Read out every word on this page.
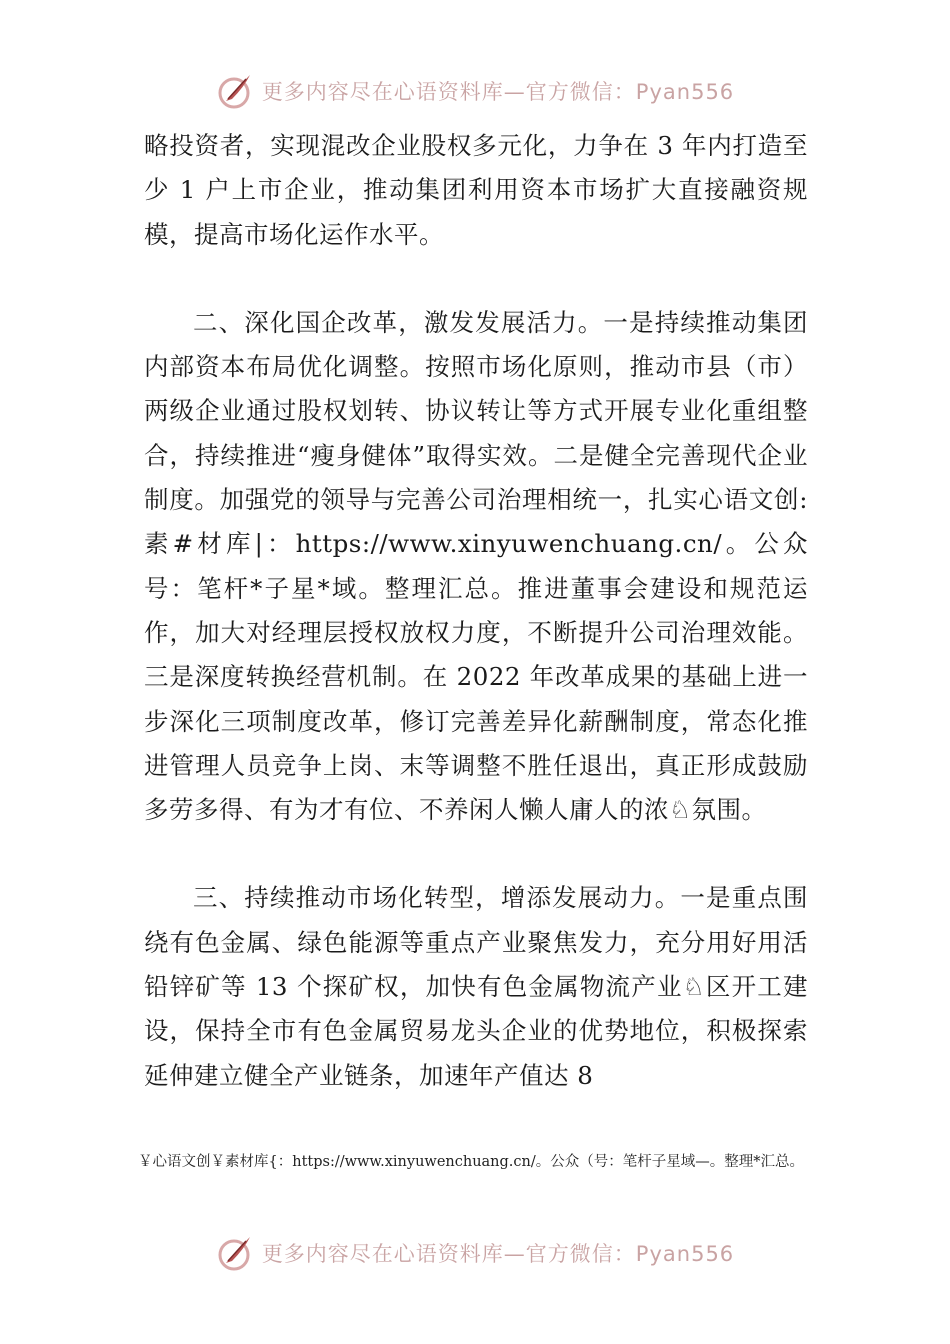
更多内容尽在心语资料库—官方微信：Pyan556

略投资者，实现混改企业股权多元化，力争在 3 年内打造至少 1 户上市企业，推动集团利用资本市场扩大直接融资规模，提高市场化运作水平。

二、深化国企改革，激发发展活力。一是持续推动集团内部资本布局优化调整。按照市场化原则，推动市县（市）两级企业通过股权划转、协议转让等方式开展专业化重组整合，持续推进“瘦身健体”取得实效。二是健全完善现代企业制度。加强党的领导与完善公司治理相统一，扎实心语文创:素#材库|：https://www.xinyuwenchuang.cn/。公众号：笔杆*子星*域。整理汇总。推进董事会建设和规范运作，加大对经理层授权放权力度，不断提升公司治理效能。三是深度转换经营机制。在 2022 年改革成果的基础上进一步深化三项制度改革，修订完善差异化薪酬制度，常态化推进管理人员竞争上岗、末等调整不胜任退出，真正形成鼓励多劳多得、有为才有位、不养闲人懒人庸人的浓♘氛围。

三、持续推动市场化转型，增添发展动力。一是重点围绕有色金属、绿色能源等重点产业聚焦发力，充分用好用活铅锌矿等 13 个探矿权，加快有色金属物流产业♘区开工建设，保持全市有色金属贸易龙头企业的优势地位，积极探索延伸建立健全产业链条，加速年产值达 8

￥心语文创￥素材库{：https://www.xinyuwenchuang.cn/。公众（号：笔杆子星域—。整理*汇总。
更多内容尽在心语资料库—官方微信：Pyan556
